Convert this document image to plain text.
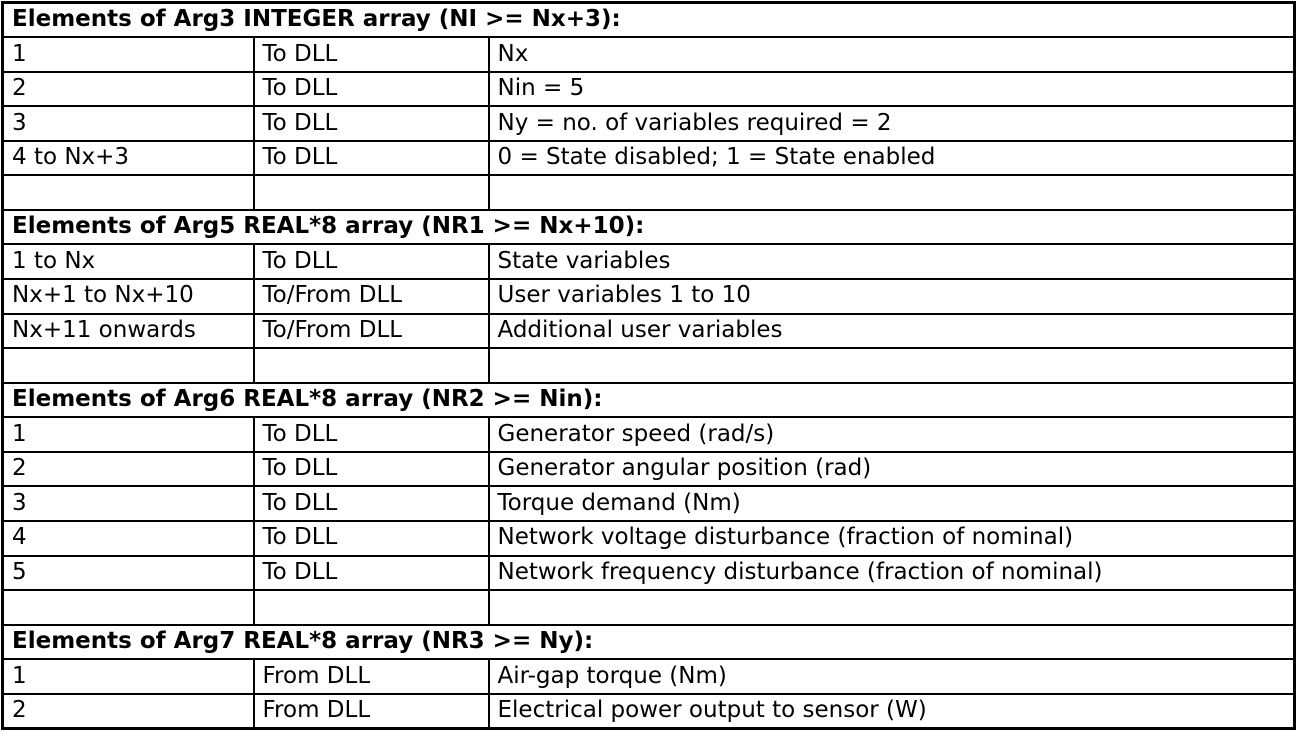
Elements of Arg3 INTEGER array (NI >= Nx+3):		
1	To DLL	Nx
2	To DLL	Nin = 5
3	To DLL	Ny = no. of variables required = 2
4 to Nx+3	To DLL	0 = State disabled; 1 = State enabled

Elements of Arg5 REAL*8 array (NR1 >= Nx+10):		
1 to Nx	To DLL	State variables
Nx+1 to Nx+10	To/From DLL	User variables 1 to 10
Nx+11 onwards	To/From DLL	Additional user variables

Elements of Arg6 REAL*8 array (NR2 >= Nin):		
1	To DLL	Generator speed (rad/s)
2	To DLL	Generator angular position (rad)
3	To DLL	Torque demand (Nm)
4	To DLL	Network voltage disturbance (fraction of nominal)
5	To DLL	Network frequency disturbance (fraction of nominal)

Elements of Arg7 REAL*8 array (NR3 >= Ny):		
1	From DLL	Air-gap torque (Nm)
2	From DLL	Electrical power output to sensor (W)
